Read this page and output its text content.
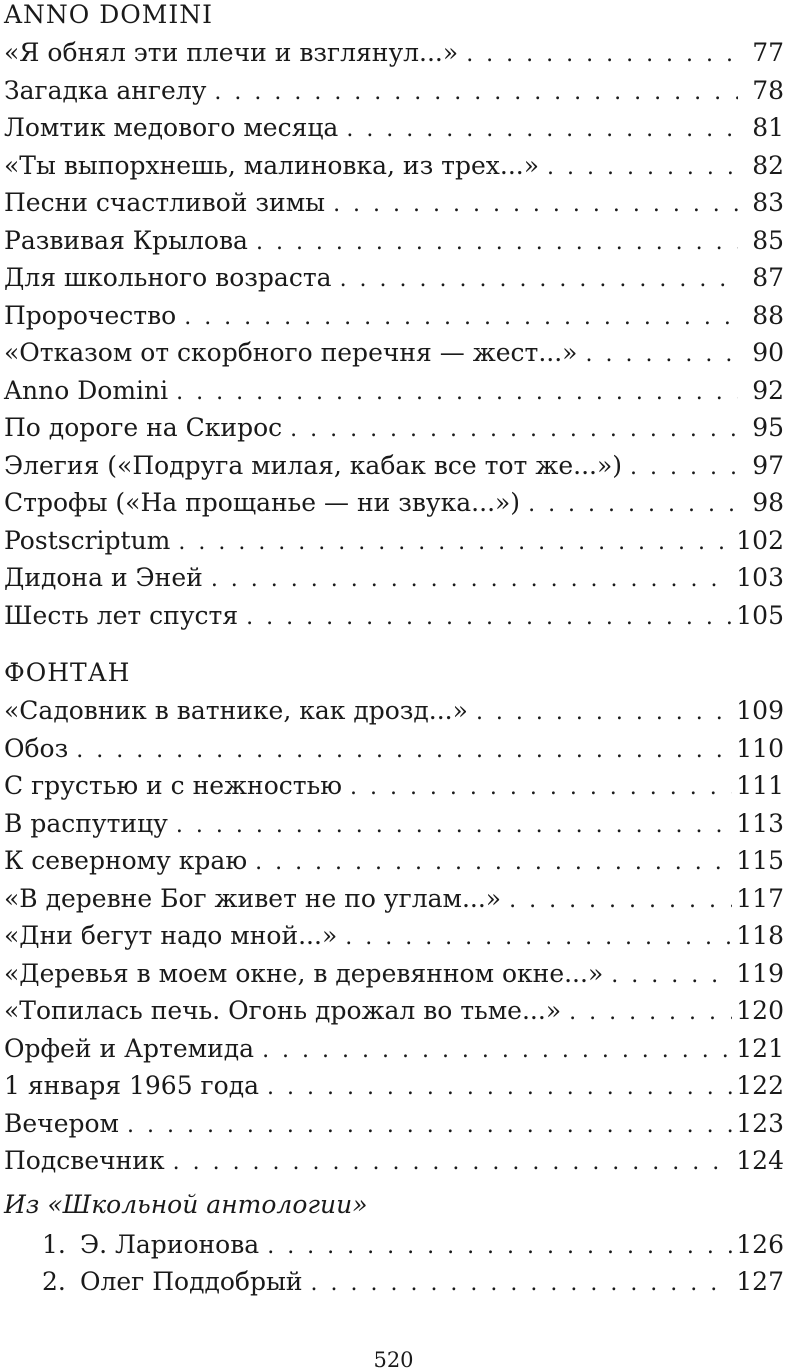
ANNO DOMINI
«Я обнял эти плечи и взглянул...» . . .	77
Загадка ангелу . . .	78
Ломтик медового месяца . . .	81
«Ты выпорхнешь, малиновка, из трех...» . . .	82
Песни счастливой зимы . . .	83
Развивая Крылова . . .	85
Для школьного возраста . . .	87
Пророчество . . .	88
«Отказом от скорбного перечня — жест...» . . .	90
Anno Domini . . .	92
По дороге на Скирос . . .	95
Элегия («Подруга милая, кабак все тот же...») . . .	97
Строфы («На прощанье — ни звука...») . . .	98
Postscriptum . . .	102
Дидона и Эней . . .	103
Шесть лет спустя . . .	105
ФОНТАН
«Садовник в ватнике, как дрозд...» . . .	109
Обоз . . .	110
С грустью и с нежностью . . .	111
В распутицу . . .	113
К северному краю . . .	115
«В деревне Бог живет не по углам...» . . .	117
«Дни бегут надо мной...» . . .	118
«Деревья в моем окне, в деревянном окне...» . . .	119
«Топилась печь. Огонь дрожал во тьме...» . . .	120
Орфей и Артемида . . .	121
1 января 1965 года . . .	122
Вечером . . .	123
Подсвечник . . .	124
Из «Школьной антологии»
1. Э. Ларионова . . .	126
2. Олег Поддобрый . . .	127
520
